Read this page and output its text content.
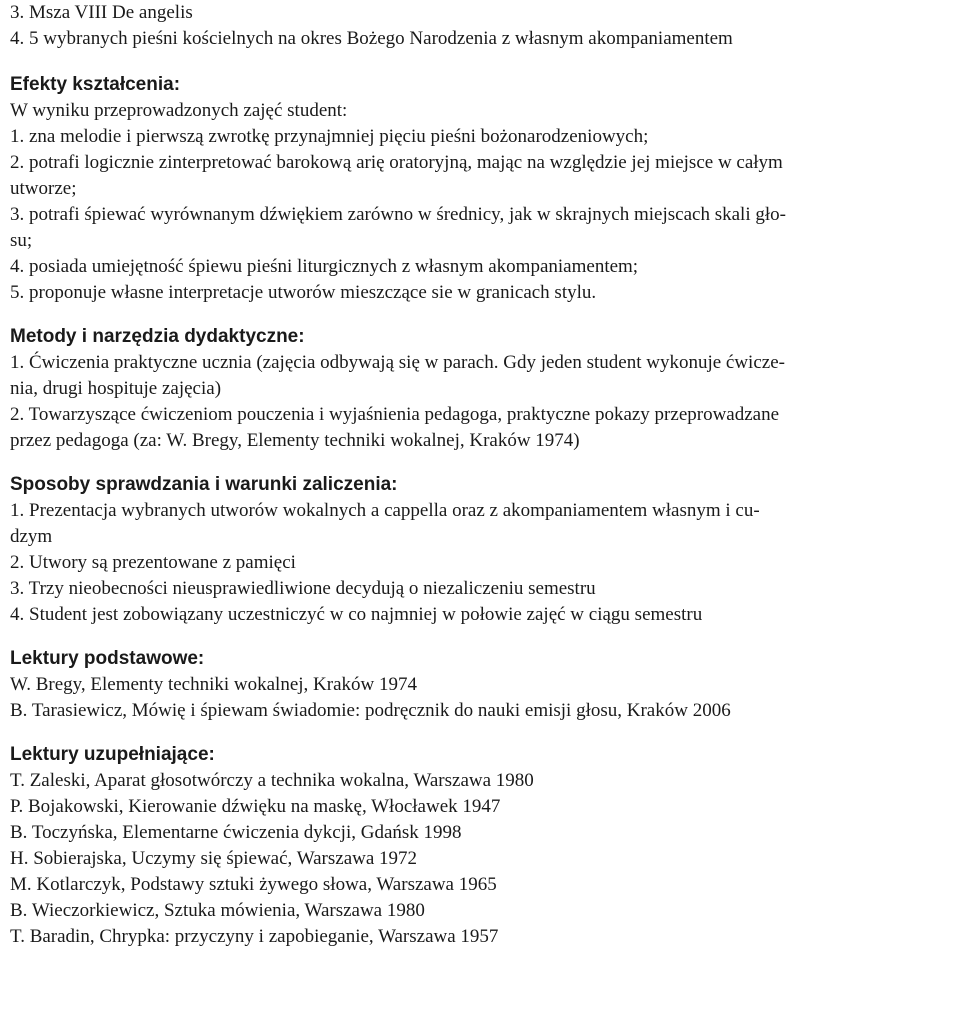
3. Msza VIII De angelis
4. 5 wybranych pieśni kościelnych na okres Bożego Narodzenia z własnym akompaniamentem
Efekty kształcenia:
W wyniku przeprowadzonych zajęć student:
1. zna melodie i pierwszą zwrotkę przynajmniej pięciu pieśni bożonarodzeniowych;
2. potrafi logicznie zinterpretować barokową arię oratoryjną, mając na względzie jej miejsce w całym
utworze;
3. potrafi śpiewać wyrównanym dźwiękiem zarówno w średnicy, jak w skrajnych miejscach skali gło-
su;
4. posiada umiejętność śpiewu pieśni liturgicznych z własnym akompaniamentem;
5. proponuje własne interpretacje utworów mieszczące sie w granicach stylu.
Metody i narzędzia dydaktyczne:
1. Ćwiczenia praktyczne ucznia (zajęcia odbywają się w parach. Gdy jeden student wykonuje ćwicze-
nia, drugi hospituje zajęcia)
2. Towarzyszące ćwiczeniom pouczenia i wyjaśnienia pedagoga, praktyczne pokazy przeprowadzane
przez pedagoga (za: W. Bregy, Elementy techniki wokalnej, Kraków 1974)
Sposoby sprawdzania i warunki zaliczenia:
1. Prezentacja wybranych utworów wokalnych a cappella oraz z akompaniamentem własnym i cu-
dzym
2. Utwory są prezentowane z pamięci
3. Trzy nieobecności nieusprawiedliwione decydują o niezaliczeniu semestru
4. Student jest zobowiązany uczestniczyć w co najmniej w połowie zajęć w ciągu semestru
Lektury podstawowe:
W. Bregy, Elementy techniki wokalnej, Kraków 1974
B. Tarasiewicz, Mówię i śpiewam świadomie: podręcznik do nauki emisji głosu, Kraków 2006
Lektury uzupełniające:
T. Zaleski, Aparat głosotwórczy a technika wokalna, Warszawa 1980
P. Bojakowski, Kierowanie dźwięku na maskę, Włocławek 1947
B. Toczyńska, Elementarne ćwiczenia dykcji, Gdańsk 1998
H. Sobierajska, Uczymy się śpiewać, Warszawa 1972
M. Kotlarczyk, Podstawy sztuki żywego słowa, Warszawa 1965
B. Wieczorkiewicz, Sztuka mówienia, Warszawa 1980
T. Baradin, Chrypka: przyczyny i zapobieganie, Warszawa 1957
